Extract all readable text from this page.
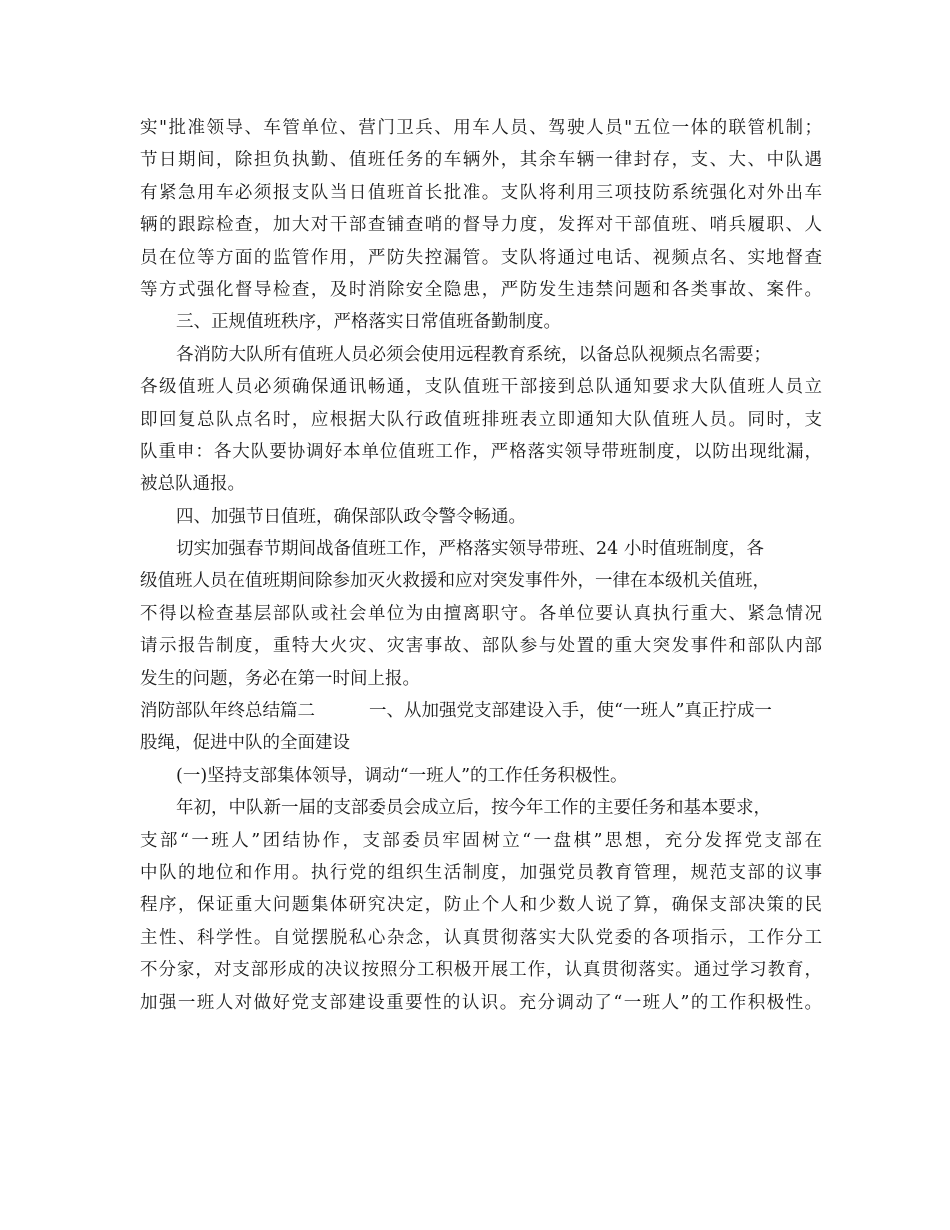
实"批准领导、车管单位、营门卫兵、用车人员、驾驶人员"五位一体的联管机制；
节日期间，除担负执勤、值班任务的车辆外，其余车辆一律封存，支、大、中队遇
有紧急用车必须报支队当日值班首长批准。支队将利用三项技防系统强化对外出车
辆的跟踪检查，加大对干部查铺查哨的督导力度，发挥对干部值班、哨兵履职、人
员在位等方面的监管作用，严防失控漏管。支队将通过电话、视频点名、实地督查
等方式强化督导检查，及时消除安全隐患，严防发生违禁问题和各类事故、案件。
三、正规值班秩序，严格落实日常值班备勤制度。
各消防大队所有值班人员必须会使用远程教育系统，以备总队视频点名需要；
各级值班人员必须确保通讯畅通，支队值班干部接到总队通知要求大队值班人员立
即回复总队点名时，应根据大队行政值班排班表立即通知大队值班人员。同时，支
队重申：各大队要协调好本单位值班工作，严格落实领导带班制度，以防出现纰漏，
被总队通报。
四、加强节日值班，确保部队政令警令畅通。
切实加强春节期间战备值班工作，严格落实领导带班、24 小时值班制度，各
级值班人员在值班期间除参加灭火救援和应对突发事件外，一律在本级机关值班，
不得以检查基层部队或社会单位为由擅离职守。各单位要认真执行重大、紧急情况
请示报告制度，重特大火灾、灾害事故、部队参与处置的重大突发事件和部队内部
发生的问题，务必在第一时间上报。
消防部队年终总结篇二	一、从加强党支部建设入手，使“一班人”真正拧成一
股绳，促进中队的全面建设
(一)坚持支部集体领导，调动“一班人”的工作任务积极性。
年初，中队新一届的支部委员会成立后，按今年工作的主要任务和基本要求，
支部“一班人”团结协作，支部委员牢固树立“一盘棋”思想，充分发挥党支部在
中队的地位和作用。执行党的组织生活制度，加强党员教育管理，规范支部的议事
程序，保证重大问题集体研究决定，防止个人和少数人说了算，确保支部决策的民
主性、科学性。自觉摆脱私心杂念，认真贯彻落实大队党委的各项指示，工作分工
不分家，对支部形成的决议按照分工积极开展工作，认真贯彻落实。通过学习教育，
加强一班人对做好党支部建设重要性的认识。充分调动了“一班人”的工作积极性。
